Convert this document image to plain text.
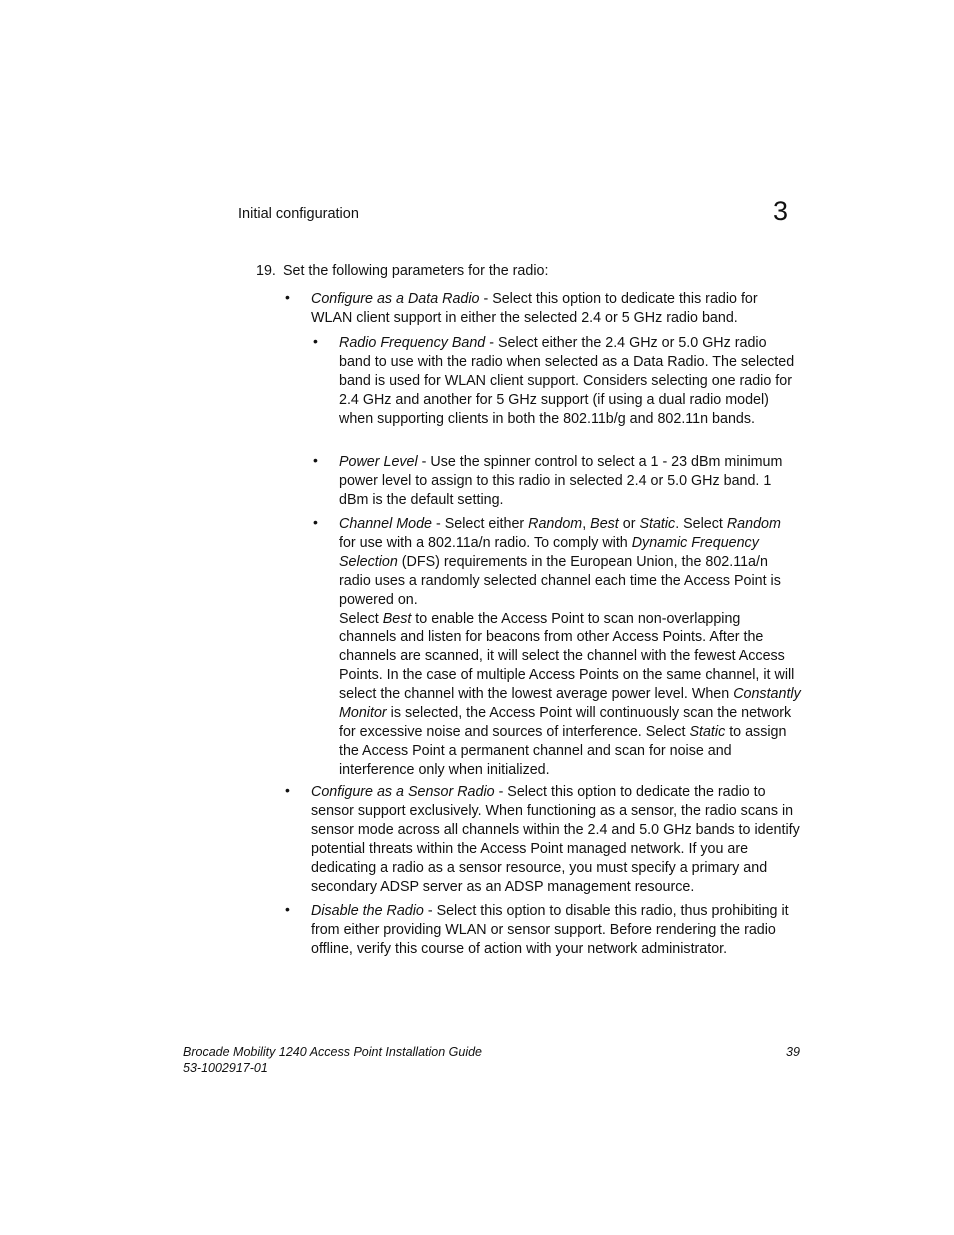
Initial configuration	3
19. Set the following parameters for the radio:
• Configure as a Data Radio - Select this option to dedicate this radio for WLAN client support in either the selected 2.4 or 5 GHz radio band.

• Radio Frequency Band - Select either the 2.4 GHz or 5.0 GHz radio band to use with the radio when selected as a Data Radio. The selected band is used for WLAN client support. Considers selecting one radio for 2.4 GHz and another for 5 GHz support (if using a dual radio model) when supporting clients in both the 802.11b/g and 802.11n bands.

• Power Level - Use the spinner control to select a 1 - 23 dBm minimum power level to assign to this radio in selected 2.4 or 5.0 GHz band. 1 dBm is the default setting.

• Channel Mode - Select either Random, Best or Static. Select Random for use with a 802.11a/n radio. To comply with Dynamic Frequency Selection (DFS) requirements in the European Union, the 802.11a/n radio uses a randomly selected channel each time the Access Point is powered on.

Select Best to enable the Access Point to scan non-overlapping channels and listen for beacons from other Access Points. After the channels are scanned, it will select the channel with the fewest Access Points. In the case of multiple Access Points on the same channel, it will select the channel with the lowest average power level. When Constantly Monitor is selected, the Access Point will continuously scan the network for excessive noise and sources of interference. Select Static to assign the Access Point a permanent channel and scan for noise and interference only when initialized.

• Configure as a Sensor Radio - Select this option to dedicate the radio to sensor support exclusively. When functioning as a sensor, the radio scans in sensor mode across all channels within the 2.4 and 5.0 GHz bands to identify potential threats within the Access Point managed network. If you are dedicating a radio as a sensor resource, you must specify a primary and secondary ADSP server as an ADSP management resource.

• Disable the Radio - Select this option to disable this radio, thus prohibiting it from either providing WLAN or sensor support. Before rendering the radio offline, verify this course of action with your network administrator.

Brocade Mobility 1240 Access Point Installation Guide
53-1002917-01
39
